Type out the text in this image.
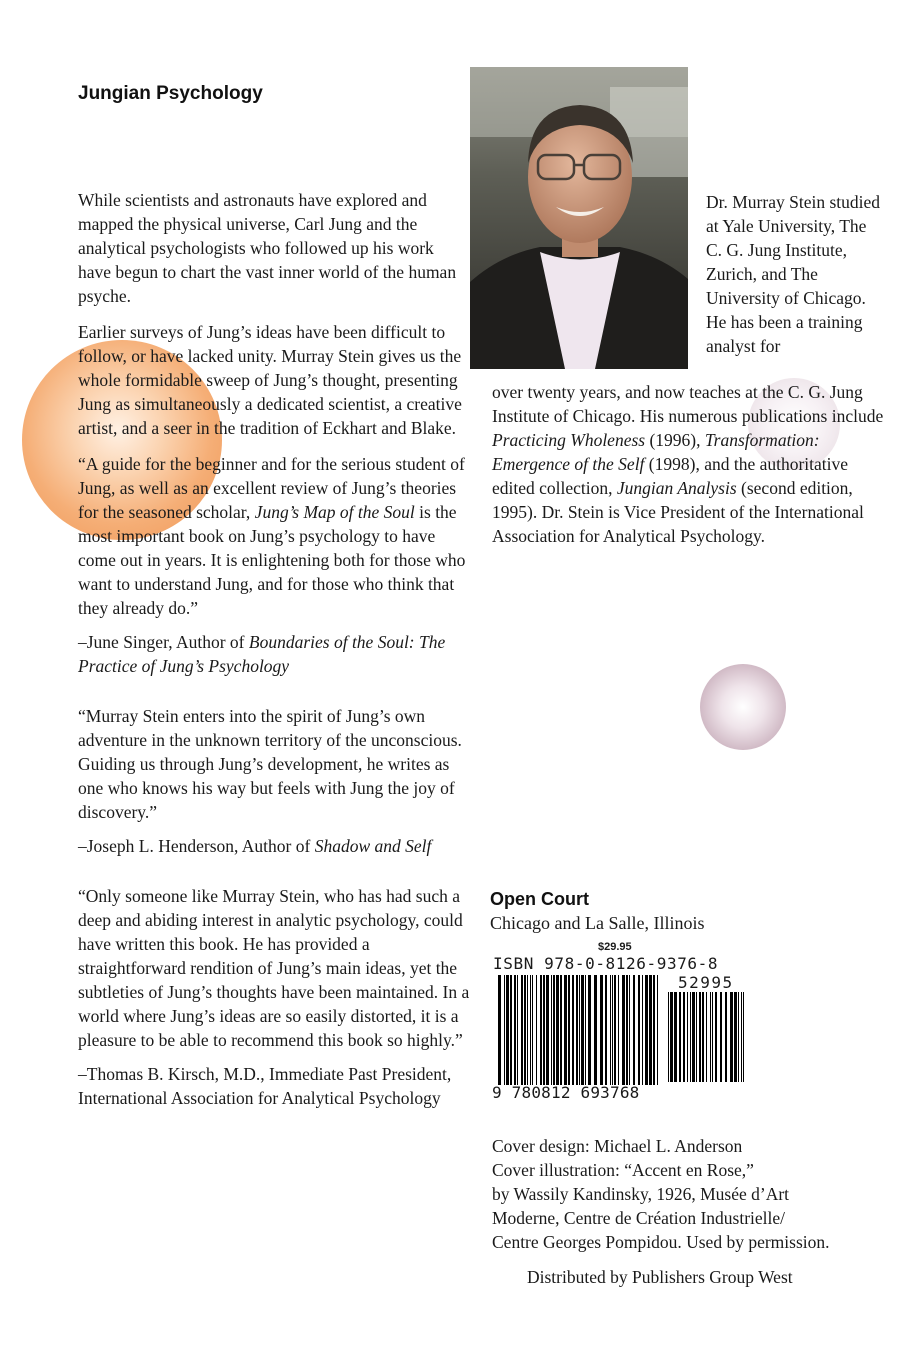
Jungian Psychology

While scientists and astronauts have explored and mapped the physical universe, Carl Jung and the analytical psychologists who followed up his work have begun to chart the vast inner world of the human psyche.

Earlier surveys of Jung’s ideas have been difficult to follow, or have lacked unity. Murray Stein gives us the whole formidable sweep of Jung’s thought, presenting Jung as simultaneously a dedicated scientist, a creative artist, and a seer in the tradition of Eckhart and Blake.

“A guide for the beginner and for the serious student of Jung, as well as an excellent review of Jung’s theories for the seasoned scholar, Jung’s Map of the Soul is the most important book on Jung’s psychology to have come out in years. It is enlightening both for those who want to understand Jung, and for those who think that they already do.”

–June Singer, Author of Boundaries of the Soul: The Practice of Jung’s Psychology

“Murray Stein enters into the spirit of Jung’s own adventure in the unknown territory of the unconscious. Guiding us through Jung’s development, he writes as one who knows his way but feels with Jung the joy of discovery.”

–Joseph L. Henderson, Author of Shadow and Self

“Only someone like Murray Stein, who has had such a deep and abiding interest in analytic psychology, could have written this book. He has provided a straightforward rendition of Jung’s main ideas, yet the subtleties of Jung’s thoughts have been maintained. In a world where Jung’s ideas are so easily distorted, it is a pleasure to be able to recommend this book so highly.”

–Thomas B. Kirsch, M.D., Immediate Past President, International Association for Analytical Psychology

Dr. Murray Stein studied at Yale University, The C. G. Jung Institute, Zurich, and The University of Chicago. He has been a training analyst for
over twenty years, and now teaches at the C. G. Jung Institute of Chicago. His numerous publications include Practicing Wholeness (1996), Transformation: Emergence of the Self (1998), and the authoritative edited collection, Jungian Analysis (second edition, 1995). Dr. Stein is Vice President of the International Association for Analytical Psychology.
Open Court

Chicago and La Salle, Illinois

$29.95
ISBN 978-0-8126-9376-8
52995
9 780812 693768
Cover design: Michael L. Anderson
Cover illustration: “Accent en Rose,”
by Wassily Kandinsky, 1926, Musée d’Art
Moderne, Centre de Création Industrielle/
Centre Georges Pompidou. Used by permission.
Distributed by Publishers Group West
